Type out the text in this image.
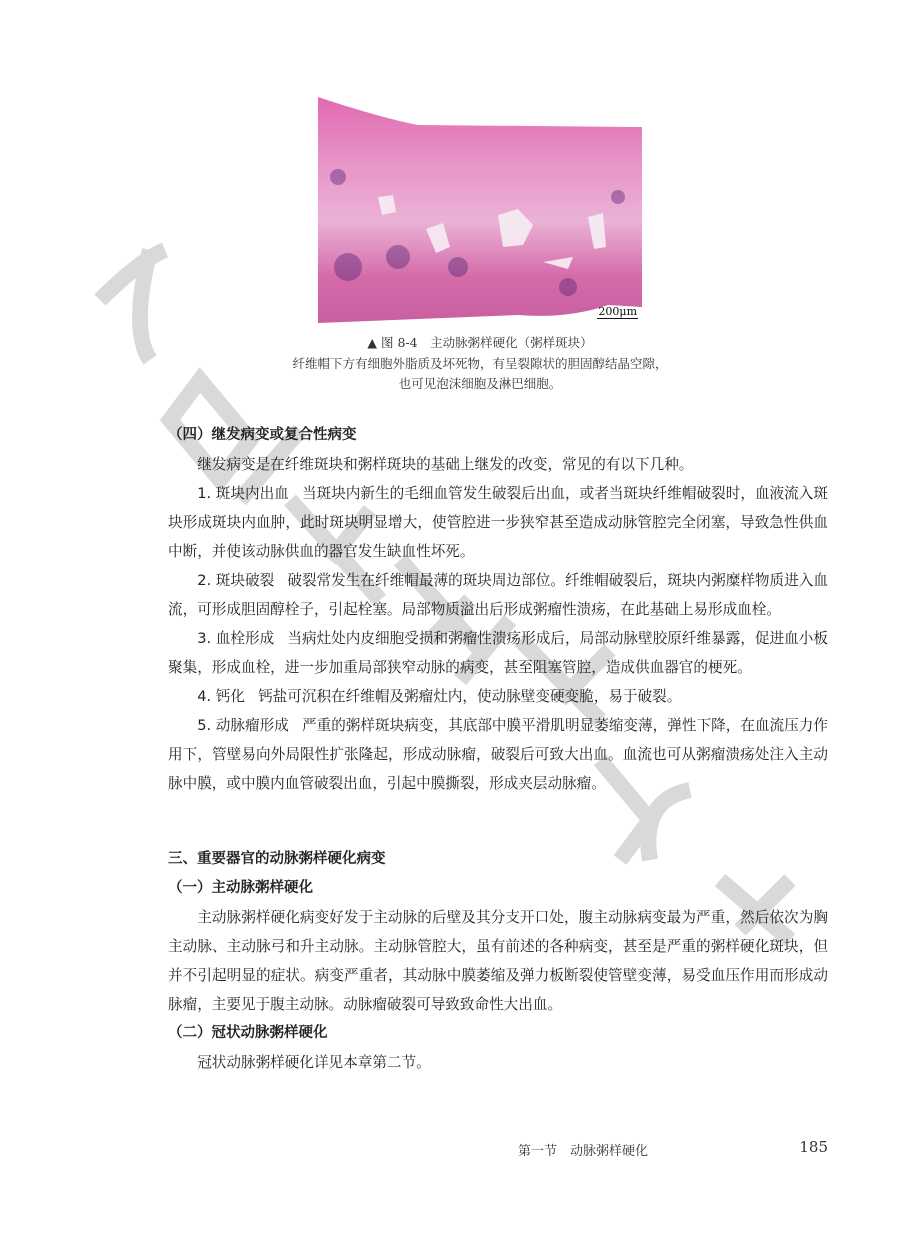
200μm
▲ 图 8-4  主动脉粥样硬化（粥样斑块）
纤维帽下方有细胞外脂质及坏死物，有呈裂隙状的胆固醇结晶空隙，
也可见泡沫细胞及淋巴细胞。

（四）继发病变或复合性病变

继发病变是在纤维斑块和粥样斑块的基础上继发的改变，常见的有以下几种。

1. 斑块内出血 当斑块内新生的毛细血管发生破裂后出血，或者当斑块纤维帽破裂时，血液流入斑块形成斑块内血肿，此时斑块明显增大，使管腔进一步狭窄甚至造成动脉管腔完全闭塞，导致急性供血中断，并使该动脉供血的器官发生缺血性坏死。

2. 斑块破裂 破裂常发生在纤维帽最薄的斑块周边部位。纤维帽破裂后，斑块内粥糜样物质进入血流，可形成胆固醇栓子，引起栓塞。局部物质溢出后形成粥瘤性溃疡，在此基础上易形成血栓。

3. 血栓形成 当病灶处内皮细胞受损和粥瘤性溃疡形成后，局部动脉壁胶原纤维暴露，促进血小板聚集，形成血栓，进一步加重局部狭窄动脉的病变，甚至阻塞管腔，造成供血器官的梗死。

4. 钙化 钙盐可沉积在纤维帽及粥瘤灶内，使动脉壁变硬变脆，易于破裂。

5. 动脉瘤形成 严重的粥样斑块病变，其底部中膜平滑肌明显萎缩变薄，弹性下降，在血流压力作用下，管壁易向外局限性扩张隆起，形成动脉瘤，破裂后可致大出血。血流也可从粥瘤溃疡处注入主动脉中膜，或中膜内血管破裂出血，引起中膜撕裂，形成夹层动脉瘤。

三、重要器官的动脉粥样硬化病变

（一）主动脉粥样硬化

主动脉粥样硬化病变好发于主动脉的后壁及其分支开口处，腹主动脉病变最为严重，然后依次为胸主动脉、主动脉弓和升主动脉。主动脉管腔大，虽有前述的各种病变，甚至是严重的粥样硬化斑块，但并不引起明显的症状。病变严重者，其动脉中膜萎缩及弹力板断裂使管壁变薄，易受血压作用而形成动脉瘤，主要见于腹主动脉。动脉瘤破裂可导致致命性大出血。

（二）冠状动脉粥样硬化

冠状动脉粥样硬化详见本章第二节。

第一节　动脉粥样硬化	185
